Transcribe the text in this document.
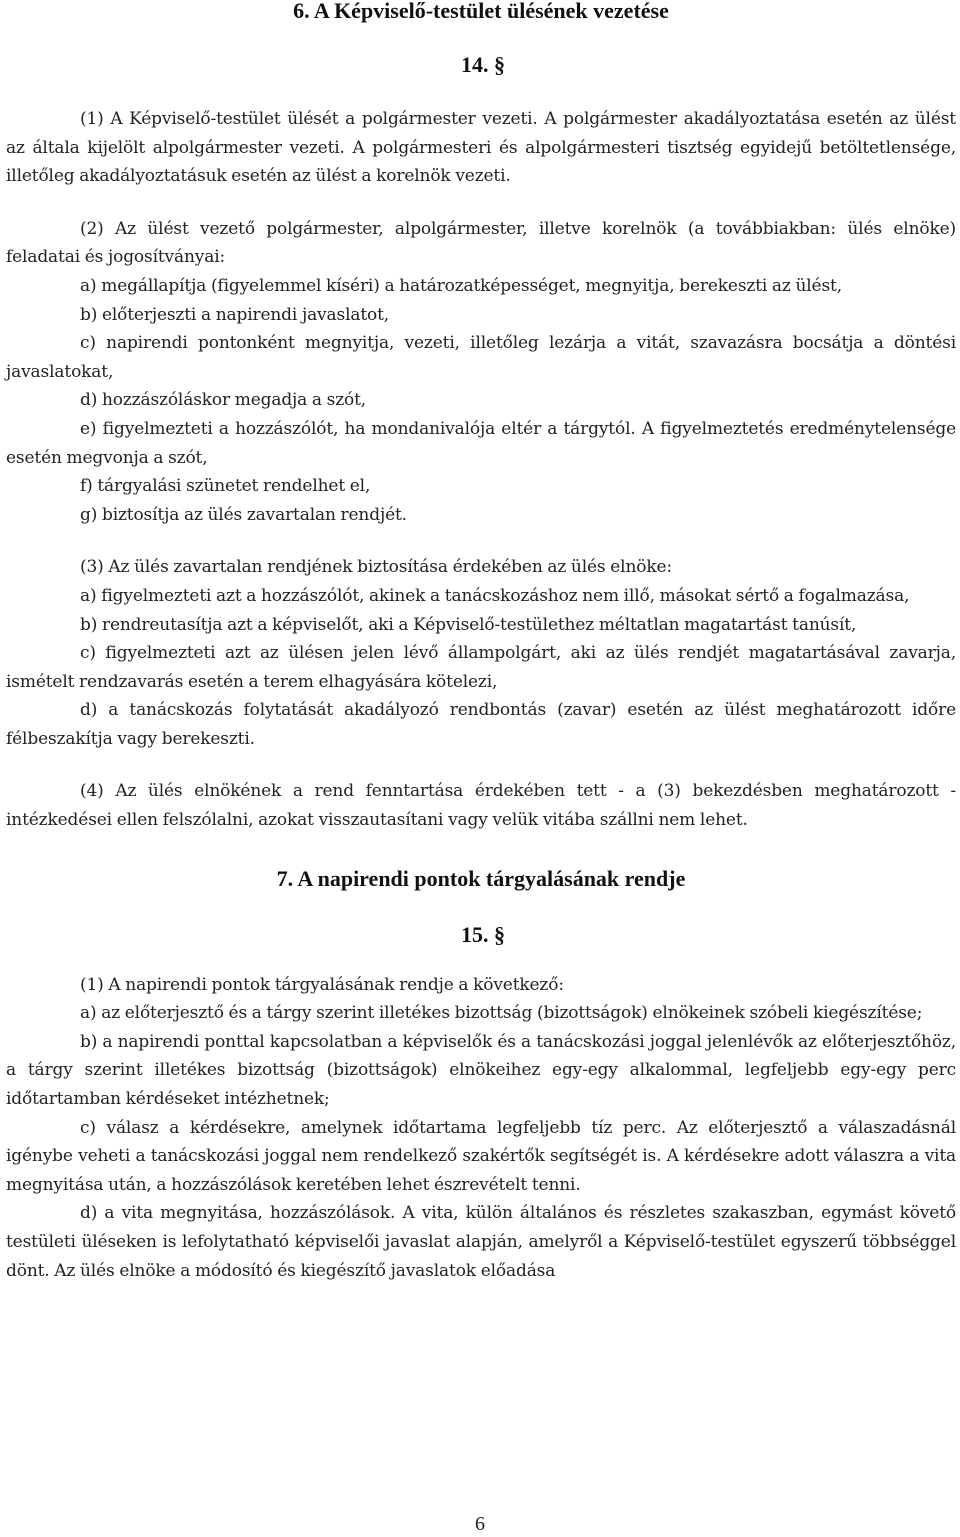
6. A Képviselő-testület ülésének vezetése
14. §

(1) A Képviselő-testület ülését a polgármester vezeti. A polgármester akadályoztatása esetén az ülést az általa kijelölt alpolgármester vezeti. A polgármesteri és alpolgármesteri tisztség egyidejű betöltetlensége, illetőleg akadályoztatásuk esetén az ülést a korelnök vezeti.

(2) Az ülést vezető polgármester, alpolgármester, illetve korelnök (a továbbiakban: ülés elnöke) feladatai és jogosítványai:

a) megállapítja (figyelemmel kíséri) a határozatképességet, megnyitja, berekeszti az ülést,

b) előterjeszti a napirendi javaslatot,

c) napirendi pontonként megnyitja, vezeti, illetőleg lezárja a vitát, szavazásra bocsátja a döntési javaslatokat,

d) hozzászóláskor megadja a szót,

e) figyelmezteti a hozzászólót, ha mondanivalója eltér a tárgytól. A figyelmeztetés eredménytelensége esetén megvonja a szót,

f) tárgyalási szünetet rendelhet el,

g) biztosítja az ülés zavartalan rendjét.

(3) Az ülés zavartalan rendjének biztosítása érdekében az ülés elnöke:

a) figyelmezteti azt a hozzászólót, akinek a tanácskozáshoz nem illő, másokat sértő a fogalmazása,

b) rendreutasítja azt a képviselőt, aki a Képviselő-testülethez méltatlan magatartást tanúsít,

c) figyelmezteti azt az ülésen jelen lévő állampolgárt, aki az ülés rendjét magatartásával zavarja, ismételt rendzavarás esetén a terem elhagyására kötelezi,

d) a tanácskozás folytatását akadályozó rendbontás (zavar) esetén az ülést meghatározott időre félbeszakítja vagy berekeszti.

(4) Az ülés elnökének a rend fenntartása érdekében tett - a (3) bekezdésben meghatározott - intézkedései ellen felszólalni, azokat visszautasítani vagy velük vitába szállni nem lehet.

7. A napirendi pontok tárgyalásának rendje
15. §

(1) A napirendi pontok tárgyalásának rendje a következő:

a) az előterjesztő és a tárgy szerint illetékes bizottság (bizottságok) elnökeinek szóbeli kiegészítése;

b) a napirendi ponttal kapcsolatban a képviselők és a tanácskozási joggal jelenlévők az előterjesztőhöz, a tárgy szerint illetékes bizottság (bizottságok) elnökeihez egy-egy alkalommal, legfeljebb egy-egy perc időtartamban kérdéseket intézhetnek;

c) válasz a kérdésekre, amelynek időtartama legfeljebb tíz perc. Az előterjesztő a válaszadásnál igénybe veheti a tanácskozási joggal nem rendelkező szakértők segítségét is. A kérdésekre adott válaszra a vita megnyitása után, a hozzászólások keretében lehet észrevételt tenni.

d) a vita megnyitása, hozzászólások. A vita, külön általános és részletes szakaszban, egymást követő testületi üléseken is lefolytatható képviselői javaslat alapján, amelyről a Képviselő-testület egyszerű többséggel dönt. Az ülés elnöke a módosító és kiegészítő javaslatok előadása

6
